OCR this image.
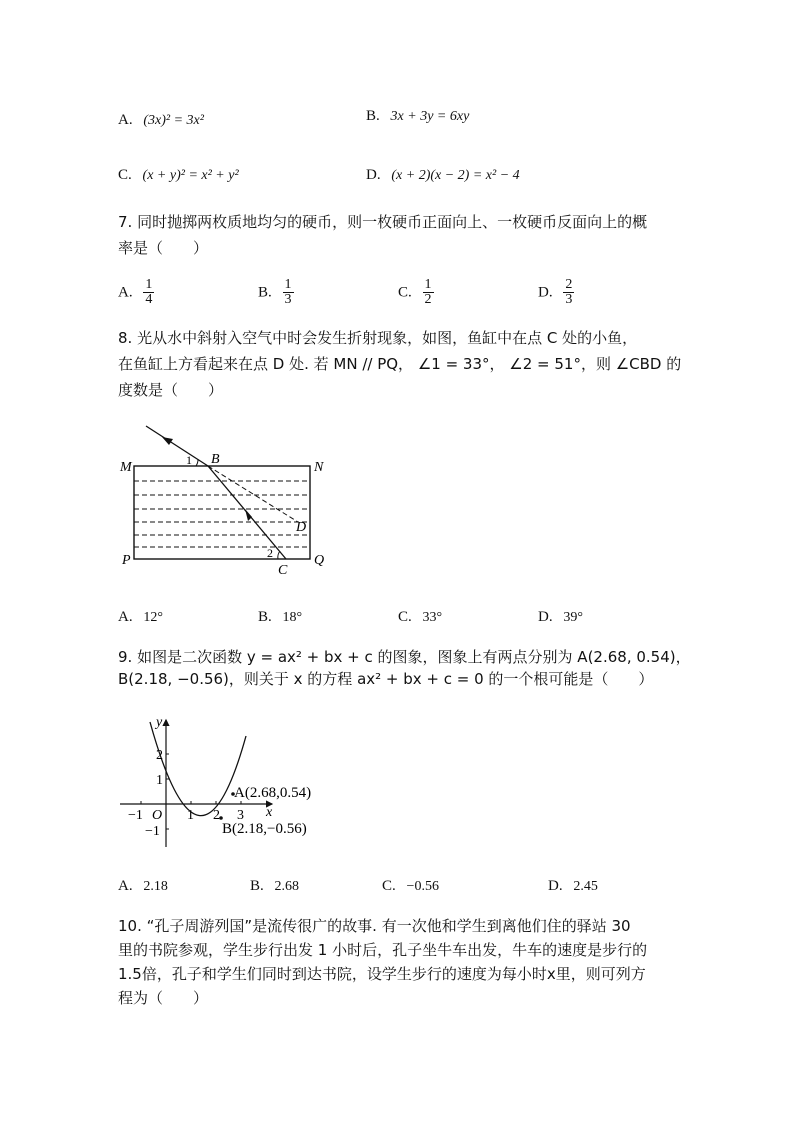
A. (3x)² = 3x²	B. 3x + 3y = 6xy
C. (x + y)² = x² + y²	D. (x + 2)(x − 2) = x² − 4
7. 同时抛掷两枚质地均匀的硬币，则一枚硬币正面向上、一枚硬币反面向上的概
率是（　　）
A. $\frac{1}{4}$	B. $\frac{1}{3}$	C. $\frac{1}{2}$	D. $\frac{2}{3}$
8. 光从水中斜射入空气中时会发生折射现象，如图，鱼缸中在点 C 处的小鱼，
在鱼缸上方看起来在点 D 处. 若 MN // PQ， ∠1 = 33°， ∠2 = 51°，则 ∠CBD 的
度数是（　　）
M	N
P	Q
B
C
D
1
2
A. 12°	B. 18°	C. 33°	D. 39°
9. 如图是二次函数 y = ax² + bx + c 的图象，图象上有两点分别为 A(2.68, 0.54)，
B(2.18, −0.56)，则关于 x 的方程 ax² + bx + c = 0 的一个根可能是（　　）
y
x
O
2
1
−1
−1	1 2 3
A(2.68,0.54)
B(2.18,−0.56)
A. 2.18	B. 2.68	C. −0.56	D. 2.45
10. “孔子周游列国”是流传很广的故事. 有一次他和学生到离他们住的驿站 30
里的书院参观，学生步行出发 1 小时后，孔子坐牛车出发，牛车的速度是步行的
1.5倍，孔子和学生们同时到达书院，设学生步行的速度为每小时x里，则可列方
程为（　　）
